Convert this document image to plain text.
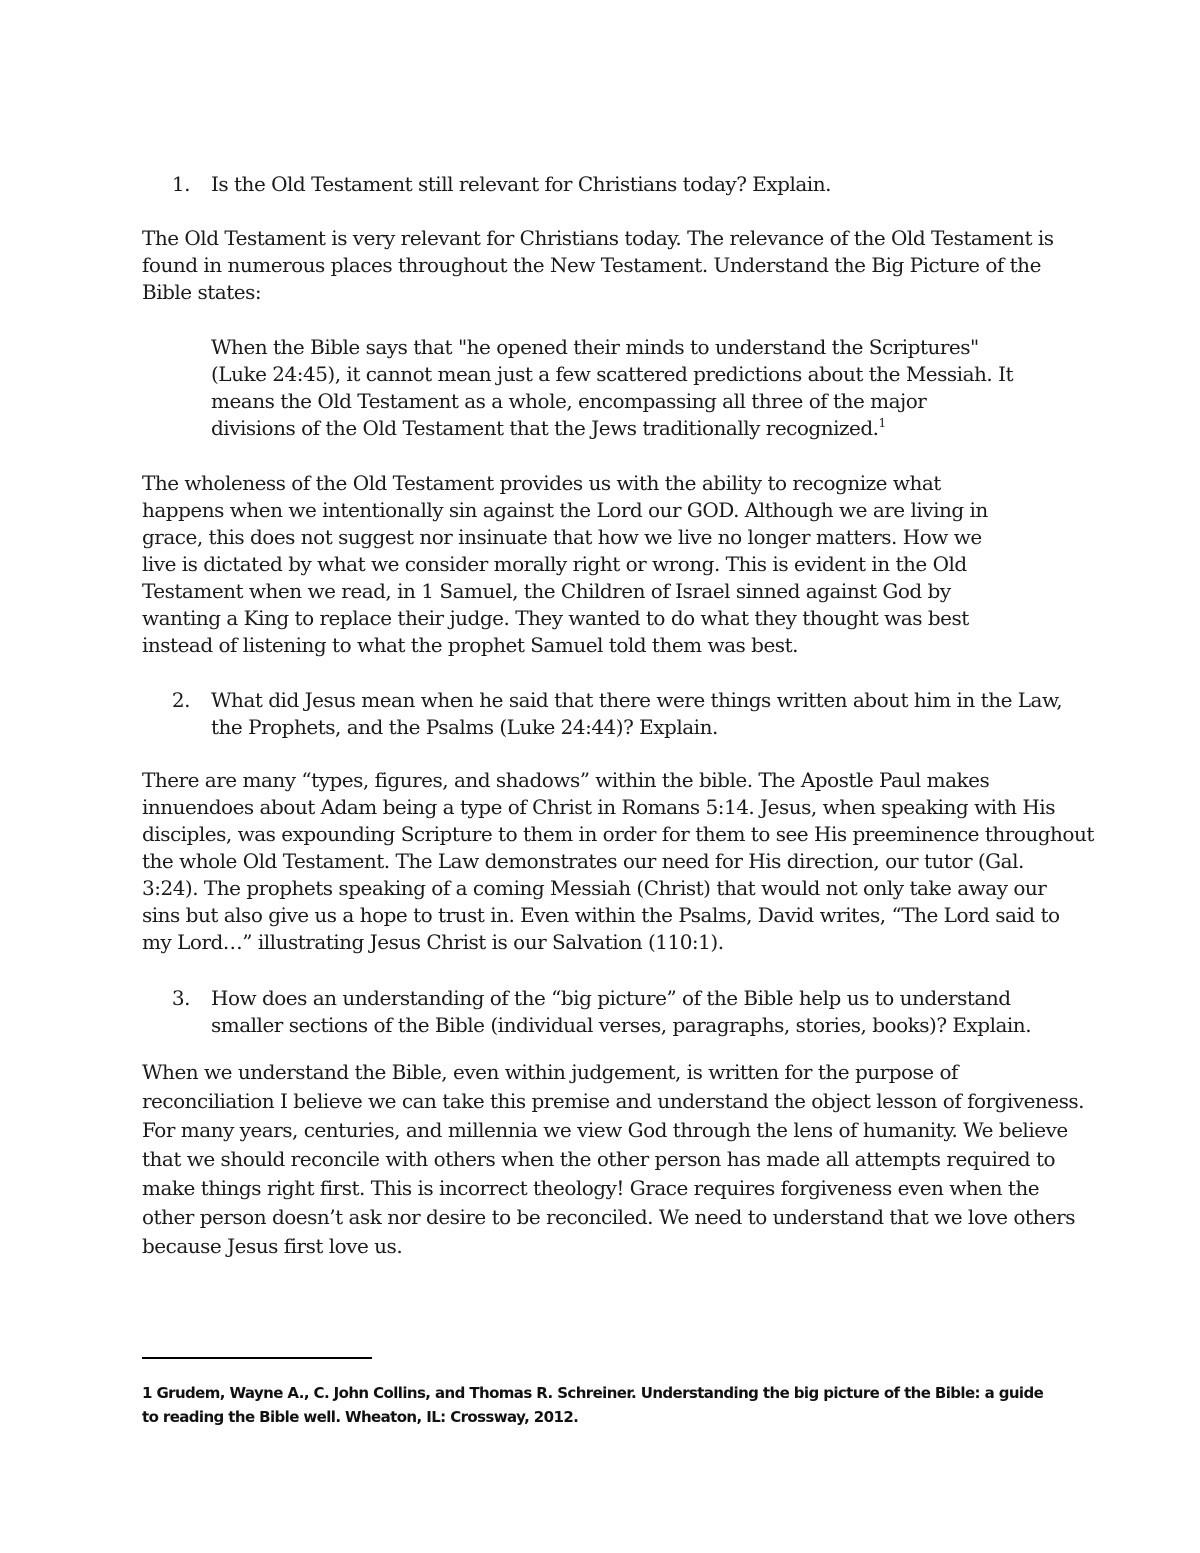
1. Is the Old Testament still relevant for Christians today? Explain.

The Old Testament is very relevant for Christians today. The relevance of the Old Testament is
found in numerous places throughout the New Testament. Understand the Big Picture of the
Bible states:

When the Bible says that "he opened their minds to understand the Scriptures"
(Luke 24:45), it cannot mean just a few scattered predictions about the Messiah. It
means the Old Testament as a whole, encompassing all three of the major
divisions of the Old Testament that the Jews traditionally recognized.$^1$

The wholeness of the Old Testament provides us with the ability to recognize what
happens when we intentionally sin against the Lord our GOD. Although we are living in
grace, this does not suggest nor insinuate that how we live no longer matters. How we
live is dictated by what we consider morally right or wrong. This is evident in the Old
Testament when we read, in 1 Samuel, the Children of Israel sinned against God by
wanting a King to replace their judge. They wanted to do what they thought was best
instead of listening to what the prophet Samuel told them was best.

2. What did Jesus mean when he said that there were things written about him in the Law,
the Prophets, and the Psalms (Luke 24:44)? Explain.

There are many “types, figures, and shadows” within the bible. The Apostle Paul makes
innuendoes about Adam being a type of Christ in Romans 5:14. Jesus, when speaking with His
disciples, was expounding Scripture to them in order for them to see His preeminence throughout
the whole Old Testament. The Law demonstrates our need for His direction, our tutor (Gal.
3:24). The prophets speaking of a coming Messiah (Christ) that would not only take away our
sins but also give us a hope to trust in. Even within the Psalms, David writes, “The Lord said to
my Lord…” illustrating Jesus Christ is our Salvation (110:1).

3. How does an understanding of the “big picture” of the Bible help us to understand
smaller sections of the Bible (individual verses, paragraphs, stories, books)? Explain.

When we understand the Bible, even within judgement, is written for the purpose of
reconciliation I believe we can take this premise and understand the object lesson of forgiveness.
For many years, centuries, and millennia we view God through the lens of humanity. We believe
that we should reconcile with others when the other person has made all attempts required to
make things right first. This is incorrect theology! Grace requires forgiveness even when the
other person doesn’t ask nor desire to be reconciled. We need to understand that we love others
because Jesus first love us.

1 Grudem, Wayne A., C. John Collins, and Thomas R. Schreiner. Understanding the big picture of the Bible: a guide
to reading the Bible well. Wheaton, IL: Crossway, 2012.
